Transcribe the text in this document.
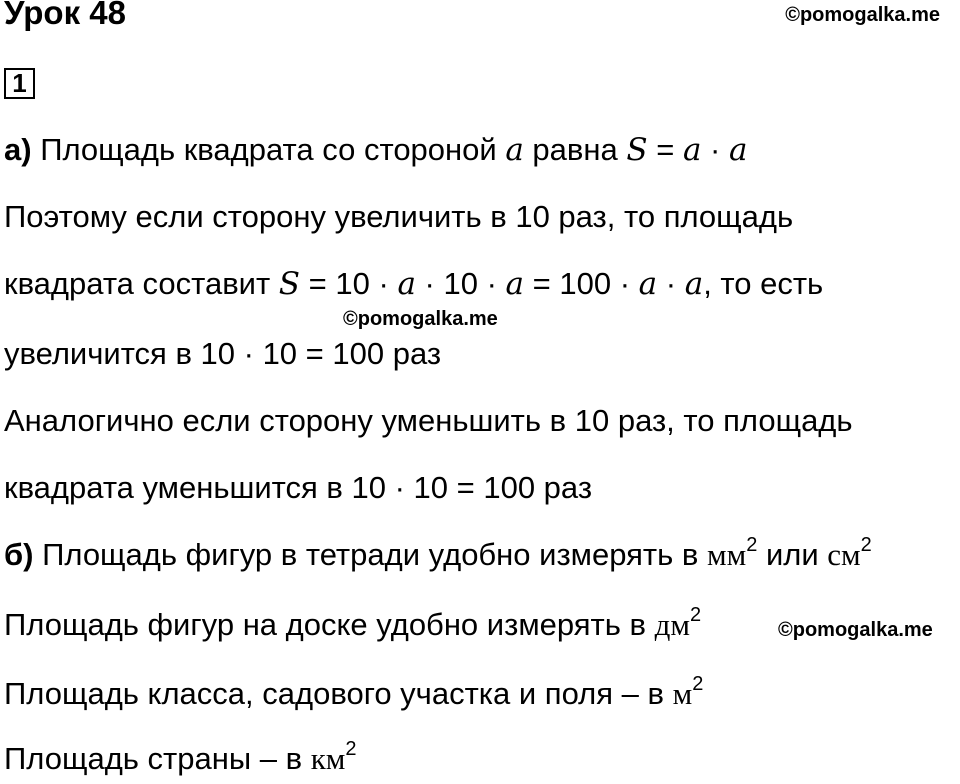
Урок 48	©pomogalka.me
1
а) Площадь квадрата со стороной a равна S = a · a
Поэтому если сторону увеличить в 10 раз, то площадь
квадрата составит S = 10 · a · 10 · a = 100 · a · a, то есть
©pomogalka.me
увеличится в 10 · 10 = 100 раз
Аналогично если сторону уменьшить в 10 раз, то площадь
квадрата уменьшится в 10 · 10 = 100 раз
б) Площадь фигур в тетради удобно измерять в $мм^2$ или $см^2$
Площадь фигур на доске удобно измерять в $дм^2$
©pomogalka.me
Площадь класса, садового участка и поля – в $м^2$
Площадь страны – в $км^2$
